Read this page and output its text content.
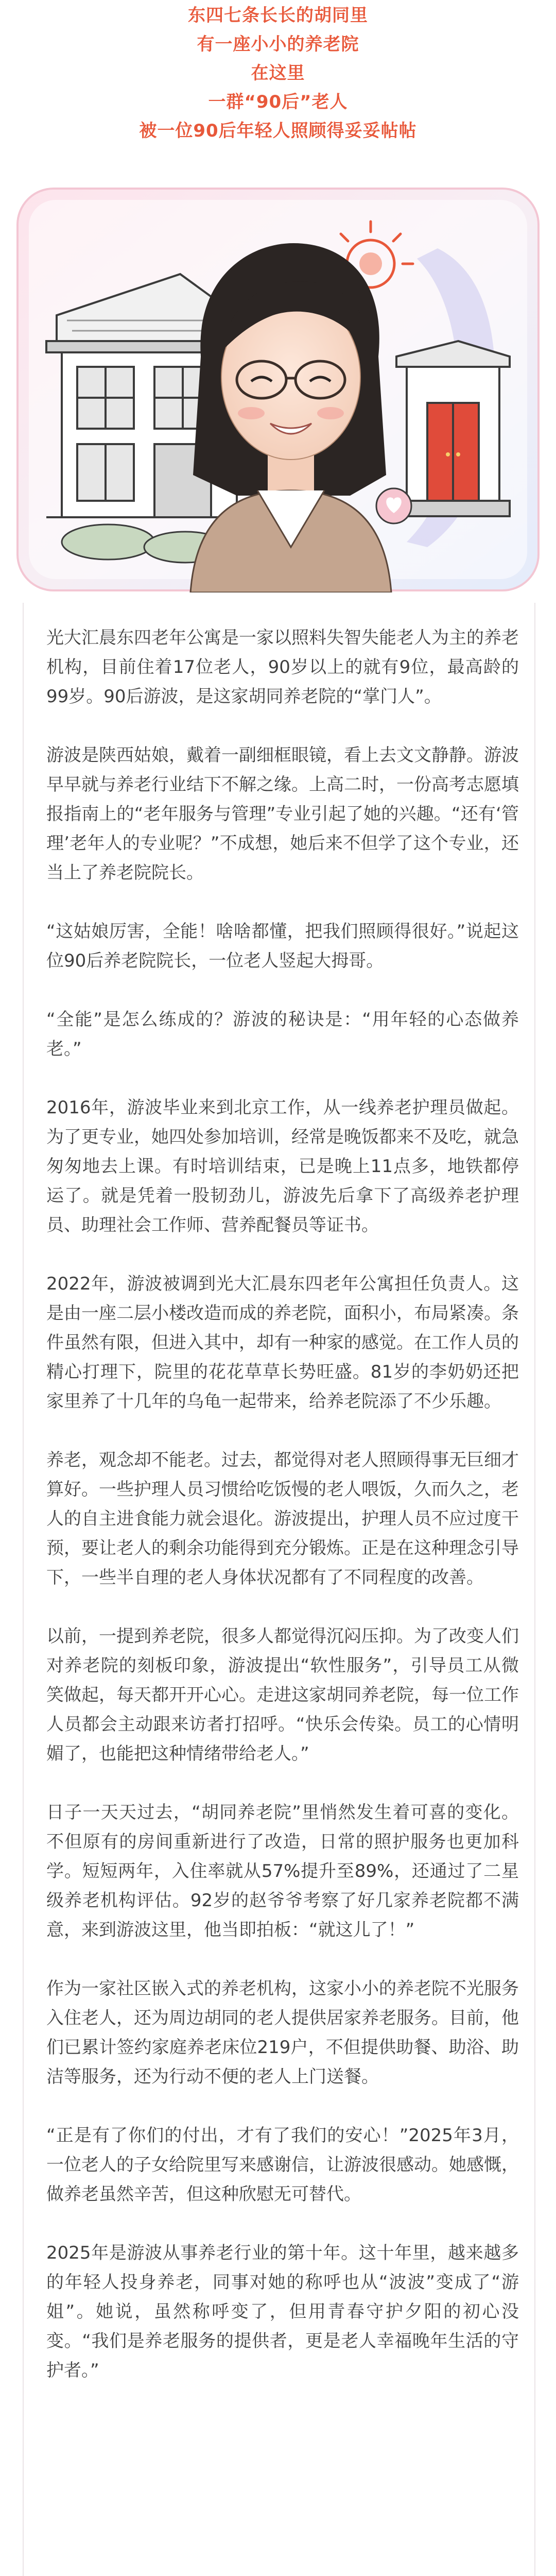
东四七条长长的胡同里
有一座小小的养老院
在这里
一群“90后”老人
被一位90后年轻人照顾得妥妥帖帖

光大汇晨东四老年公寓是一家以照料失智失能老人为主的养老机构，目前住着17位老人，90岁以上的就有9位，最高龄的99岁。90后游波，是这家胡同养老院的“掌门人”。

游波是陕西姑娘，戴着一副细框眼镜，看上去文文静静。游波早早就与养老行业结下不解之缘。上高二时，一份高考志愿填报指南上的“老年服务与管理”专业引起了她的兴趣。“还有‘管理’老年人的专业呢？”不成想，她后来不但学了这个专业，还当上了养老院院长。

“这姑娘厉害，全能！啥啥都懂，把我们照顾得很好。”说起这位90后养老院院长，一位老人竖起大拇哥。

“全能”是怎么练成的？游波的秘诀是：“用年轻的心态做养老。”

2016年，游波毕业来到北京工作，从一线养老护理员做起。为了更专业，她四处参加培训，经常是晚饭都来不及吃，就急匆匆地去上课。有时培训结束，已是晚上11点多，地铁都停运了。就是凭着一股韧劲儿，游波先后拿下了高级养老护理员、助理社会工作师、营养配餐员等证书。

2022年，游波被调到光大汇晨东四老年公寓担任负责人。这是由一座二层小楼改造而成的养老院，面积小，布局紧凑。条件虽然有限，但进入其中，却有一种家的感觉。在工作人员的精心打理下，院里的花花草草长势旺盛。81岁的李奶奶还把家里养了十几年的乌龟一起带来，给养老院添了不少乐趣。

养老，观念却不能老。过去，都觉得对老人照顾得事无巨细才算好。一些护理人员习惯给吃饭慢的老人喂饭，久而久之，老人的自主进食能力就会退化。游波提出，护理人员不应过度干预，要让老人的剩余功能得到充分锻炼。正是在这种理念引导下，一些半自理的老人身体状况都有了不同程度的改善。

以前，一提到养老院，很多人都觉得沉闷压抑。为了改变人们对养老院的刻板印象，游波提出“软性服务”，引导员工从微笑做起，每天都开开心心。走进这家胡同养老院，每一位工作人员都会主动跟来访者打招呼。“快乐会传染。员工的心情明媚了，也能把这种情绪带给老人。”

日子一天天过去，“胡同养老院”里悄然发生着可喜的变化。不但原有的房间重新进行了改造，日常的照护服务也更加科学。短短两年，入住率就从57%提升至89%，还通过了二星级养老机构评估。92岁的赵爷爷考察了好几家养老院都不满意，来到游波这里，他当即拍板：“就这儿了！”

作为一家社区嵌入式的养老机构，这家小小的养老院不光服务入住老人，还为周边胡同的老人提供居家养老服务。目前，他们已累计签约家庭养老床位219户，不但提供助餐、助浴、助洁等服务，还为行动不便的老人上门送餐。

“正是有了你们的付出，才有了我们的安心！”2025年3月，一位老人的子女给院里写来感谢信，让游波很感动。她感慨，做养老虽然辛苦，但这种欣慰无可替代。

2025年是游波从事养老行业的第十年。这十年里，越来越多的年轻人投身养老，同事对她的称呼也从“波波”变成了“游姐”。她说，虽然称呼变了，但用青春守护夕阳的初心没变。“我们是养老服务的提供者，更是老人幸福晚年生活的守护者。”
